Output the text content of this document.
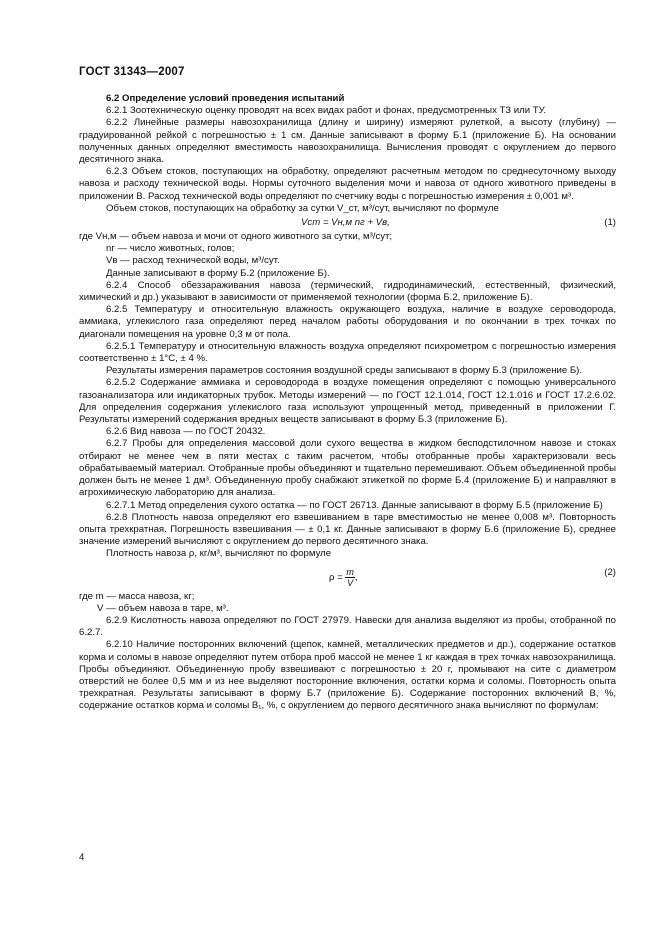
ГОСТ 31343—2007

6.2 Определение условий проведения испытаний

6.2.1 Зоотехническую оценку проводят на всех видах работ и фонах, предусмотренных ТЗ или ТУ.

6.2.2 Линейные размеры навозохранилища (длину и ширину) измеряют рулеткой, а высоту (глубину) — градуированной рейкой с погрешностью ± 1 см. Данные записывают в форму Б.1 (приложение Б). На основании полученных данных определяют вместимость навозохранилища. Вычисления проводят с округлением до первого десятичного знака.

6.2.3 Объем стоков, поступающих на обработку, определяют расчетным методом по среднесуточному выходу навоза и расходу технической воды. Нормы суточного выделения мочи и навоза от одного животного приведены в приложении В. Расход технической воды определяют по счетчику воды с погрешностью измерения ± 0,001 м³.

Объем стоков, поступающих на обработку за сутки V_ст, м³/сут, вычисляют по формуле

Vст = Vн,м nг + Vв,	(1)

где Vн,м — объем навоза и мочи от одного животного за сутки, м³/сут;

nг — число животных, голов;

Vв — расход технической воды, м³/сут.

Данные записывают в форму Б.2 (приложение Б).

6.2.4 Способ обеззараживания навоза (термический, гидродинамический, естественный, физический, химический и др.) указывают в зависимости от применяемой технологии (форма Б.2, приложение Б).

6.2.5 Температуру и относительную влажность окружающего воздуха, наличие в воздухе сероводорода, аммиака, углекислого газа определяют перед началом работы оборудования и по окончании в трех точках по диагонали помещения на уровне 0,3 м от пола.

6.2.5.1 Температуру и относительную влажность воздуха определяют психрометром с погрешностью измерения соответственно ± 1°С, ± 4 %.

Результаты измерения параметров состояния воздушной среды записывают в форму Б.3 (приложение Б).

6.2.5.2 Содержание аммиака и сероводорода в воздухе помещения определяют с помощью универсального газоанализатора или индикаторных трубок. Методы измерений — по ГОСТ 12.1.014, ГОСТ 12.1.016 и ГОСТ 17.2.6.02. Для определения содержания углекислого газа используют упрощенный метод, приведенный в приложении Г. Результаты измерений содержания вредных веществ записывают в форму Б.3 (приложение Б).

6.2.6 Вид навоза — по ГОСТ 20432.

6.2.7 Пробы для определения массовой доли сухого вещества в жидком бесподстилочном навозе и стоках отбирают не менее чем в пяти местах с таким расчетом, чтобы отобранные пробы характеризовали весь обрабатываемый материал. Отобранные пробы объединяют и тщательно перемешивают. Объем объединенной пробы должен быть не менее 1 дм³. Объединенную пробу снабжают этикеткой по форме Б.4 (приложение Б) и направляют в агрохимическую лабораторию для анализа.

6.2.7.1 Метод определения сухого остатка — по ГОСТ 26713. Данные записывают в форму Б.5 (приложение Б)

6.2.8 Плотность навоза определяют его взвешиванием в таре вместимостью не менее 0,008 м³. Повторность опыта трехкратная. Погрешность взвешивания — ± 0,1 кг. Данные записывают в форму Б.6 (приложение Б), среднее значение измерений вычисляют с округлением до первого десятичного знака.

Плотность навоза ρ, кг/м³, вычисляют по формуле

$\rho = \frac{m}{V}$ ,	(2)

где m — масса навоза, кг;

V — объем навоза в таре, м³.

6.2.9 Кислотность навоза определяют по ГОСТ 27979. Навески для анализа выделяют из пробы, отобранной по 6.2.7.

6.2.10 Наличие посторонних включений (щепок, камней, металлических предметов и др.), содержание остатков корма и соломы в навозе определяют путем отбора проб массой не менее 1 кг каждая в трех точках навозохранилища. Пробы объединяют. Объединенную пробу взвешивают с погрешностью ± 20 г, промывают на сите с диаметром отверстий не более 0,5 мм и из нее выделяют посторонние включения, остатки корма и соломы. Повторность опыта трехкратная. Результаты записывают в форму Б.7 (приложение Б). Содержание посторонних включений B, %, содержание остатков корма и соломы B₁, %, с округлением до первого десятичного знака вычисляют по формулам:

4
